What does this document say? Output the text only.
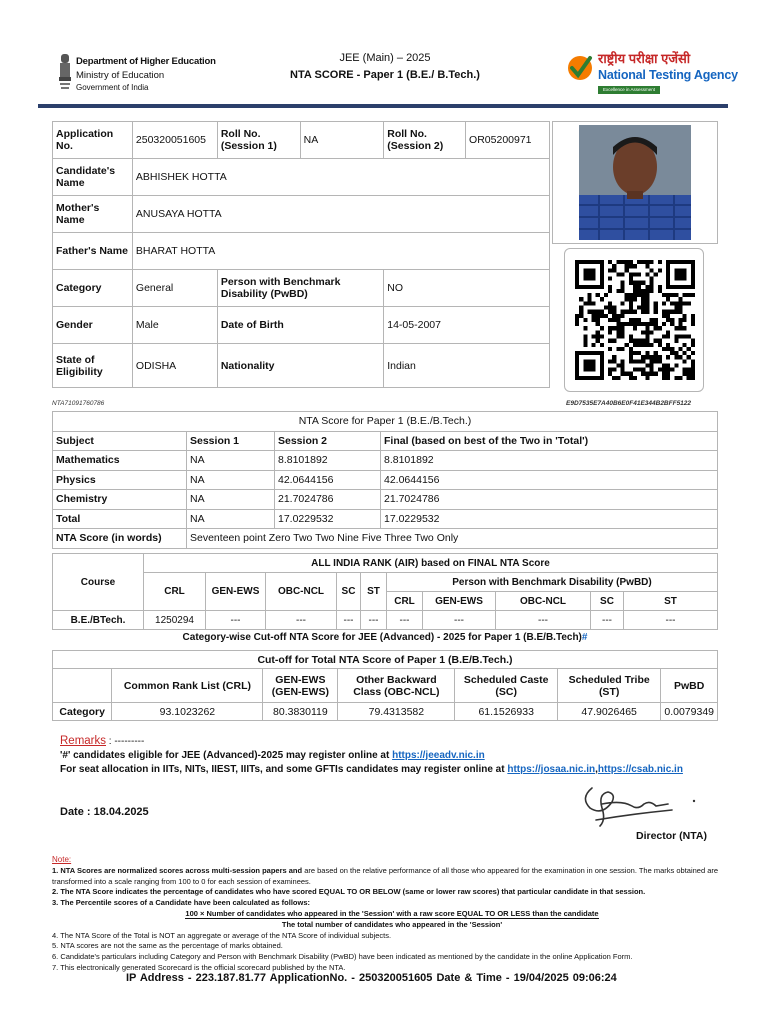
Department of Higher Education
Ministry of Education
Government of India
JEE (Main) – 2025
NTA SCORE - Paper 1 (B.E./ B.Tech.)
राष्ट्रीय परीक्षा एजेंसी
National Testing Agency
Excellence in Assessment
Application No.	250320051605	Roll No. (Session 1)	NA	Roll No. (Session 2)	OR05200971
Candidate's Name	ABHISHEK HOTTA				
Mother's Name	ANUSAYA HOTTA				
Father's Name	BHARAT HOTTA				
Category	General	Person with Benchmark Disability (PwBD)		NO	
Gender	Male	Date of Birth		14-05-2007	
State of Eligibility	ODISHA	Nationality		Indian	
NTA71091760786	E9D7535E7A40B6E0F41E344B2BFF5122
NTA Score for Paper 1 (B.E./B.Tech.)			
Subject	Session 1	Session 2	Final (based on best of the Two in 'Total')
Mathematics	NA	8.8101892	8.8101892
Physics	NA	42.0644156	42.0644156
Chemistry	NA	21.7024786	21.7024786
Total	NA	17.0229532	17.0229532
NTA Score (in words)	Seventeen point Zero Two Two Nine Five Three Two Only		
Course	ALL INDIA RANK (AIR) based on FINAL NTA Score									
	CRL	GEN-EWS	OBC-NCL	SC	ST	Person with Benchmark Disability (PwBD)				
						CRL	GEN-EWS	OBC-NCL	SC	ST
B.E./BTech.	1250294	---	---	---	---	---	---	---	---	---
Category-wise Cut-off NTA Score for JEE (Advanced) - 2025 for Paper 1 (B.E/B.Tech)#
Cut-off for Total NTA Score of Paper 1 (B.E/B.Tech.)						
	Common Rank List (CRL)	GEN-EWS (GEN-EWS)	Other Backward Class (OBC-NCL)	Scheduled Caste (SC)	Scheduled Tribe (ST)	PwBD
Category	93.1023262	80.3830119	79.4313582	61.1526933	47.9026465	0.0079349
Remarks : ---------
'#' candidates eligible for JEE (Advanced)-2025 may register online at https://jeeadv.nic.in
For seat allocation in IITs, NITs, IIEST, IIITs, and some GFTIs candidates may register online at https://josaa.nic.in,https://csab.nic.in
Date : 18.04.2025
Director (NTA)
Note:
1. NTA Scores are normalized scores across multi-session papers and are based on the relative performance of all those who appeared for the examination in one session. The marks obtained are transformed into a scale ranging from 100 to 0 for each session of examinees.
2. The NTA Score indicates the percentage of candidates who have scored EQUAL TO OR BELOW (same or lower raw scores) that particular candidate in that session.
3. The Percentile scores of a Candidate have been calculated as follows:
100 × Number of candidates who appeared in the 'Session' with a raw score EQUAL TO OR LESS than the candidate
The total number of candidates who appeared in the 'Session'
4. The NTA Score of the Total is NOT an aggregate or average of the NTA Score of individual subjects.
5. NTA scores are not the same as the percentage of marks obtained.
6. Candidate's particulars including Category and Person with Benchmark Disability (PwBD) have been indicated as mentioned by the candidate in the online Application Form.
7. This electronically generated Scorecard is the official scorecard published by the NTA.
IP Address - 223.187.81.77 ApplicationNo. - 250320051605 Date & Time - 19/04/2025 09:06:24
